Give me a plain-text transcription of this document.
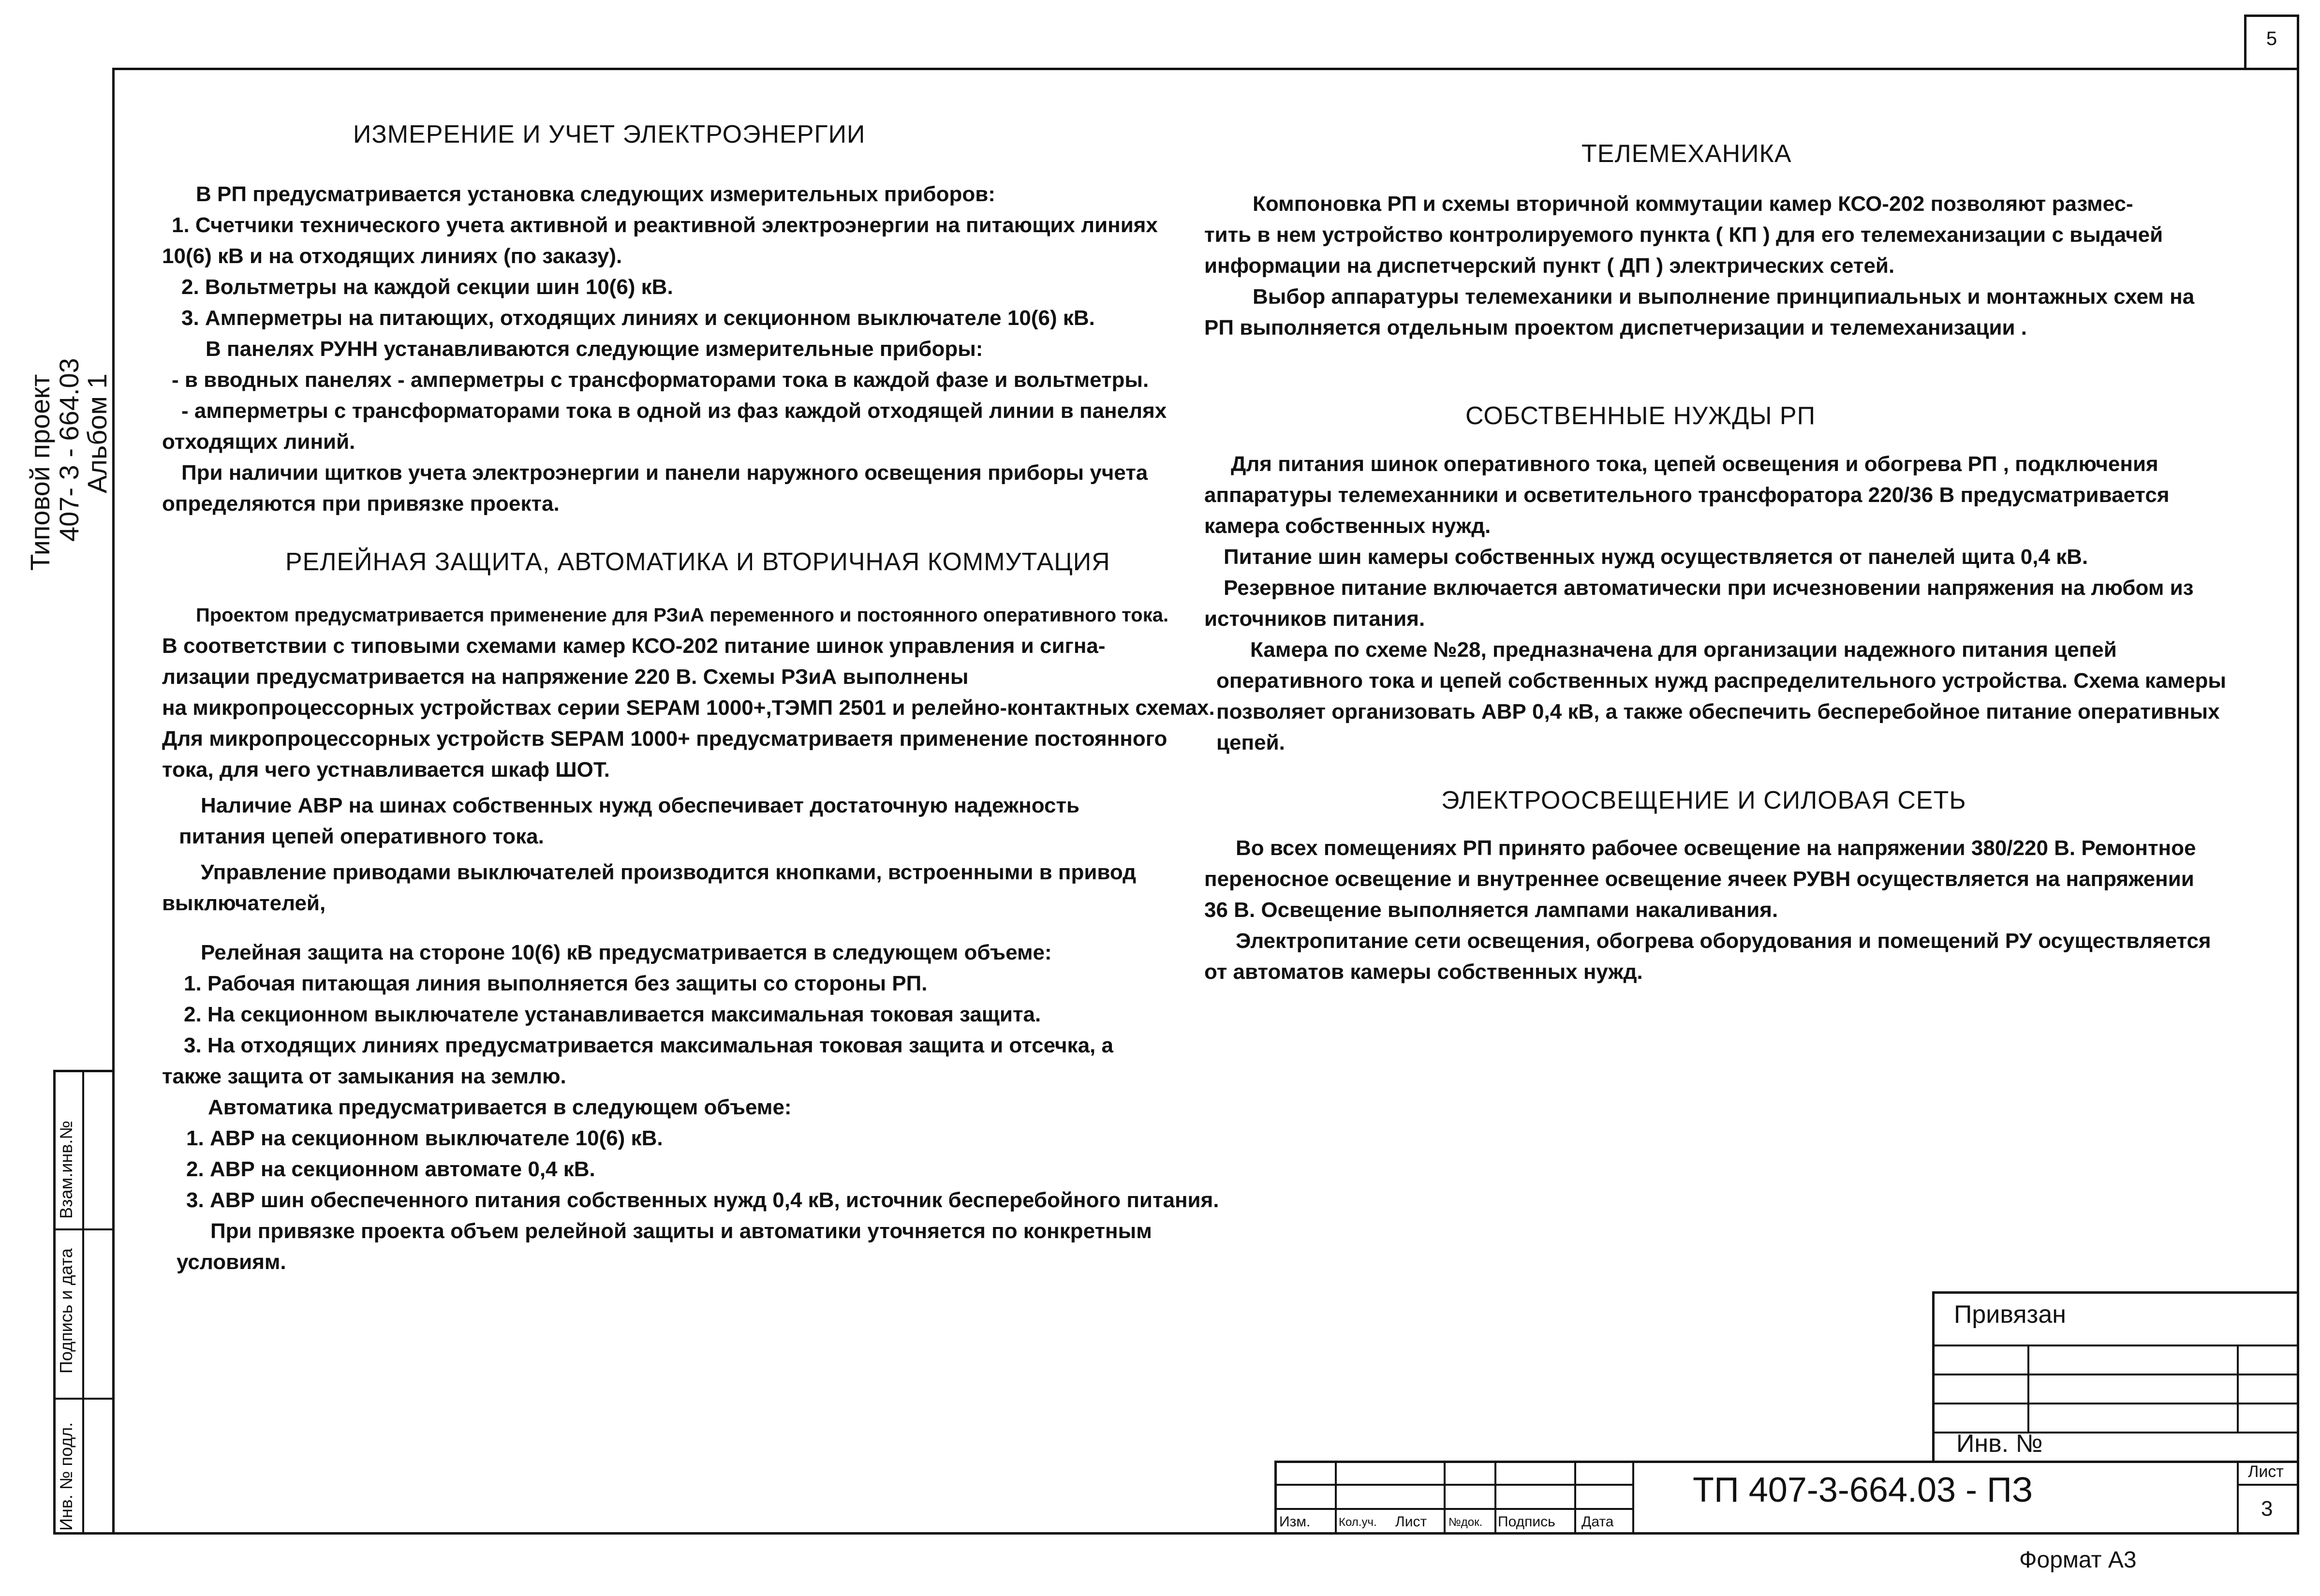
5
Типовой проект
407- 3 - 664.03
Альбом 1
Взам.инв.№
Подпись и дата
Инв. № подл.
ИЗМЕРЕНИЕ И УЧЕТ ЭЛЕКТРОЭНЕРГИИ
В РП предусматривается установка следующих измерительных приборов:
1. Счетчики технического учета активной и реактивной электроэнергии на питающих линиях
10(6) кВ и на отходящих линиях (по заказу).
2. Вольтметры на каждой секции шин 10(6) кВ.
3. Амперметры на питающих, отходящих линиях и секционном выключателе 10(6) кВ.
В панелях РУНН устанавливаются следующие измерительные приборы:
- в вводных панелях - амперметры с трансформаторами тока в каждой фазе и вольтметры.
- амперметры с трансформаторами тока в одной из фаз каждой отходящей линии в панелях
отходящих линий.
При наличии щитков учета электроэнергии и панели наружного освещения приборы учета
определяются при привязке проекта.
РЕЛЕЙНАЯ ЗАЩИТА, АВТОМАТИКА И ВТОРИЧНАЯ КОММУТАЦИЯ
Проектом предусматривается применение для РЗиА переменного и постоянного оперативного тока.
В соответствии с типовыми схемами камер КСО-202 питание шинок управления и сигна-
лизации предусматривается на напряжение 220 В. Схемы РЗиА выполнены
на микропроцессорных устройствах серии SEPAM 1000+,ТЭМП 2501 и релейно-контактных схемах.
Для микропроцессорных устройств SEPAM 1000+ предусматриваетя применение постоянного
тока, для чего устнавливается шкаф ШОТ.
Наличие АВР на шинах собственных нужд обеспечивает достаточную надежность
питания цепей оперативного тока.
Управление приводами выключателей производится кнопками, встроенными в привод
выключателей,
Релейная защита на стороне 10(6) кВ предусматривается в следующем объеме:
1. Рабочая питающая линия выполняется без защиты со стороны РП.
2. На секционном выключателе устанавливается максимальная токовая защита.
3. На отходящих линиях предусматривается максимальная токовая защита и отсечка, а
также защита от замыкания на землю.
Автоматика предусматривается в следующем объеме:
1. АВР на секционном выключателе 10(6) кВ.
2. АВР на секционном автомате 0,4 кВ.
3. АВР шин обеспеченного питания собственных нужд 0,4 кВ, источник бесперебойного питания.
При привязке проекта объем релейной защиты и автоматики уточняется по конкретным
условиям.
ТЕЛЕМЕХАНИКА
Компоновка РП и схемы вторичной коммутации камер КСО-202 позволяют размес-
тить в нем устройство контролируемого пункта ( КП ) для его телемеханизации с выдачей
информации на диспетчерский пункт ( ДП ) электрических сетей.
Выбор аппаратуры телемеханики и выполнение принципиальных и монтажных схем на
РП выполняется отдельным проектом диспетчеризации и телемеханизации .
СОБСТВЕННЫЕ НУЖДЫ РП
Для питания шинок оперативного тока, цепей освещения и обогрева РП , подключения
аппаратуры телемеханники и осветительного трансфоратора 220/36 В предусматривается
камера собственных нужд.
Питание шин камеры собственных нужд осуществляется от панелей щита 0,4 кВ.
Резервное питание включается автоматически при исчезновении напряжения на любом из
источников питания.
Камера по схеме №28, предназначена для организации надежного питания цепей
оперативного тока и цепей собственных нужд распределительного устройства. Схема камеры
позволяет организовать АВР 0,4 кВ, а также обеспечить бесперебойное питание оперативных
цепей.
ЭЛЕКТРООСВЕЩЕНИЕ И СИЛОВАЯ СЕТЬ
Во всех помещениях РП принято рабочее освещение на напряжении 380/220 В. Ремонтное
переносное освещение и внутреннее освещение ячеек РУВН осуществляется на напряжении
36 В. Освещение выполняется лампами накаливания.
Электропитание сети освещения, обогрева оборудования и помещений РУ осуществляется
от автоматов камеры собственных нужд.
Привязан
Инв. №
Изм. Кол.уч. Лист №док. Подпись Дата
ТП 407-3-664.03 - ПЗ	Лист
3
Формат А3
